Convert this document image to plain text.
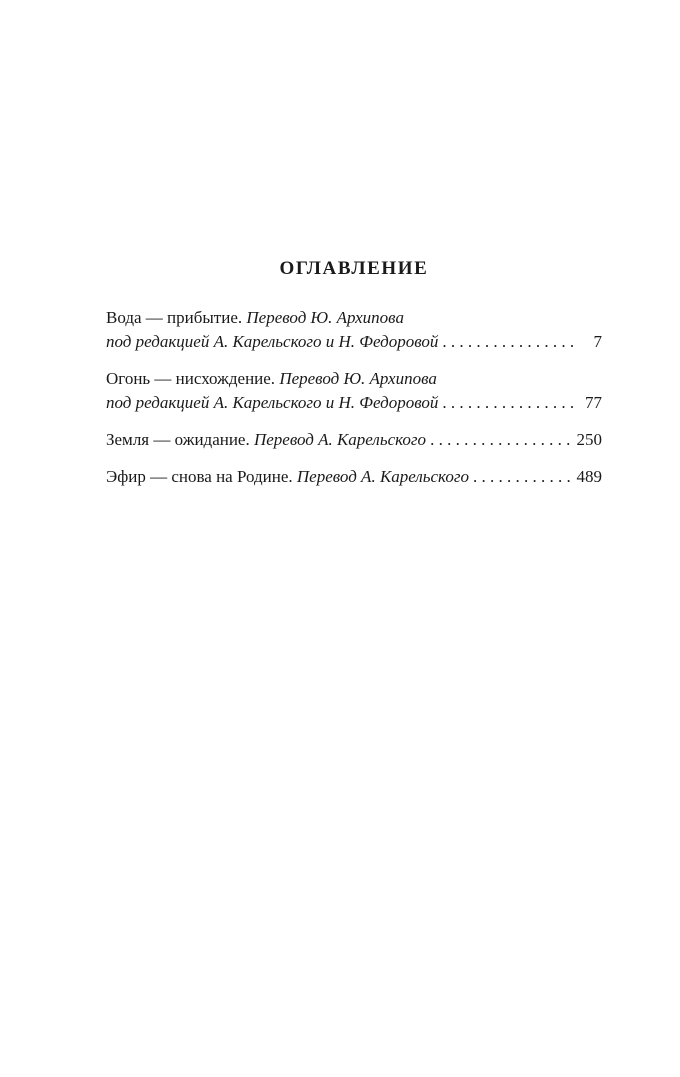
ОГЛАВЛЕНИЕ
Вода — прибытие. Перевод Ю. Архипова
под редакцией А. Карельского и Н. Федоровой . . .	7
Огонь — нисхождение. Перевод Ю. Архипова
под редакцией А. Карельского и Н. Федоровой . . .	77
Земля — ожидание. Перевод А. Карельского . . .	250
Эфир — снова на Родине. Перевод А. Карельского . . .	489
